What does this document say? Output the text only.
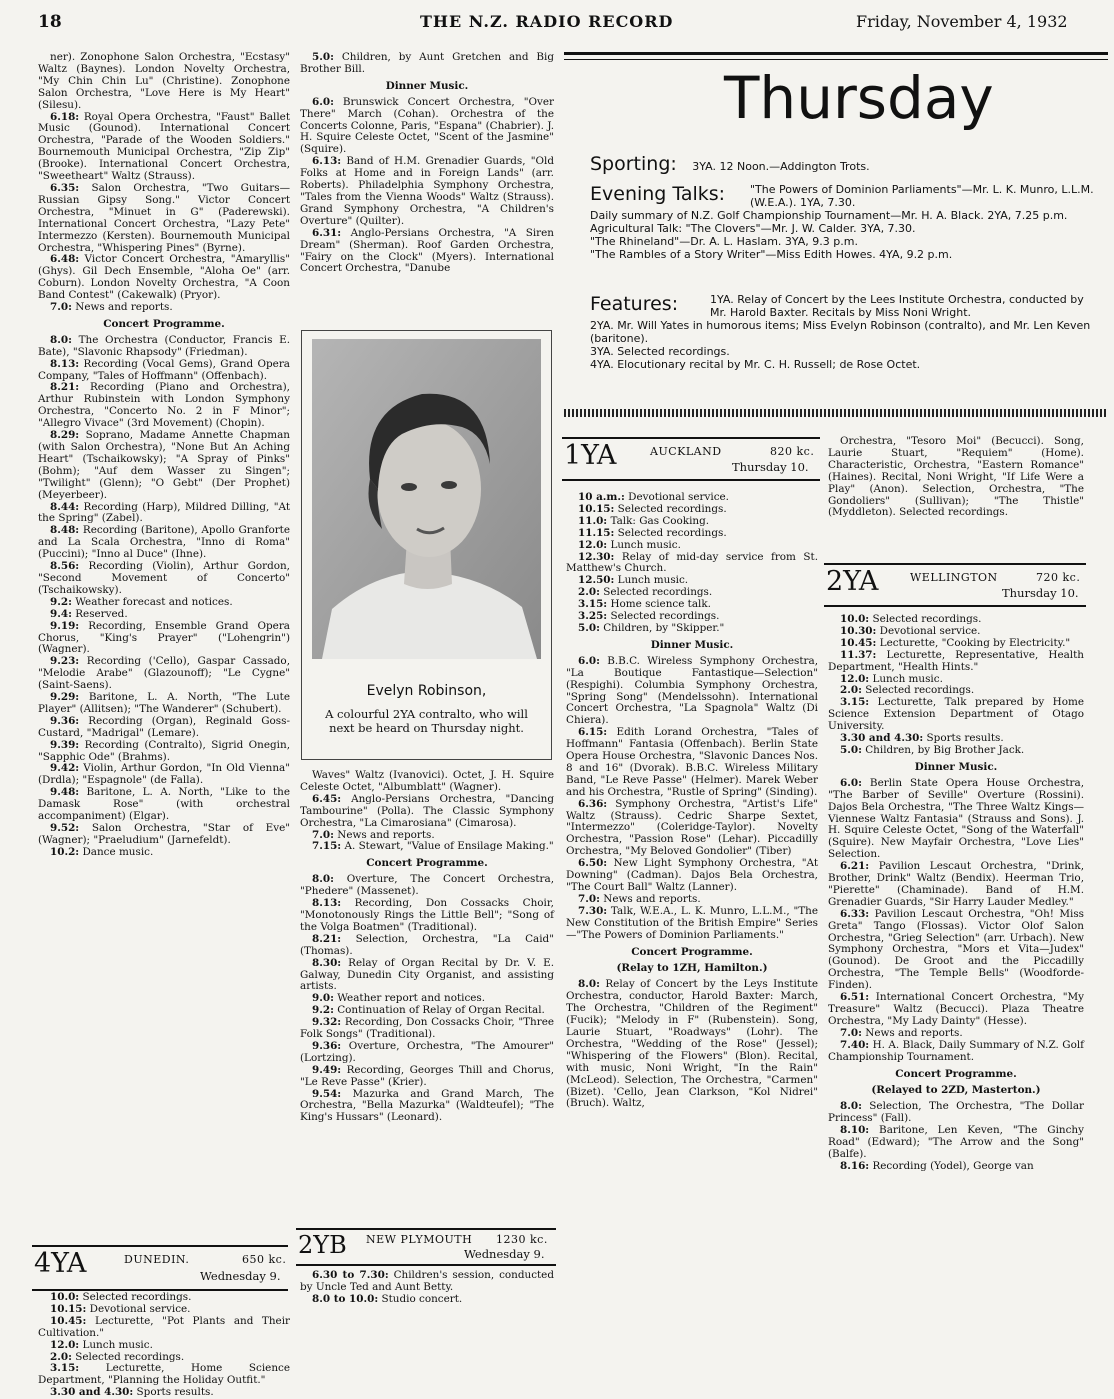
18	THE N.Z. RADIO RECORD	Friday, November 4, 1932

ner). Zonophone Salon Orchestra, "Ecstasy" Waltz (Baynes). London Novelty Orchestra, "My Chin Chin Lu" (Christine). Zonophone Salon Orchestra, "Love Here is My Heart" (Silesu).

6.18: Royal Opera Orchestra, "Faust" Ballet Music (Gounod). International Concert Orchestra, "Parade of the Wooden Soldiers." Bournemouth Municipal Orchestra, "Zip Zip" (Brooke). International Concert Orchestra, "Sweetheart" Waltz (Strauss).

6.35: Salon Orchestra, "Two Guitars—Russian Gipsy Song." Victor Concert Orchestra, "Minuet in G" (Paderewski). International Concert Orchestra, "Lazy Pete" Intermezzo (Kersten). Bournemouth Municipal Orchestra, "Whispering Pines" (Byrne).

6.48: Victor Concert Orchestra, "Amaryllis" (Ghys). Gil Dech Ensemble, "Aloha Oe" (arr. Coburn). London Novelty Orchestra, "A Coon Band Contest" (Cakewalk) (Pryor).

7.0: News and reports.

Concert Programme.

8.0: The Orchestra (Conductor, Francis E. Bate), "Slavonic Rhapsody" (Friedman).

8.13: Recording (Vocal Gems), Grand Opera Company, "Tales of Hoffmann" (Offenbach).

8.21: Recording (Piano and Orchestra), Arthur Rubinstein with London Symphony Orchestra, "Concerto No. 2 in F Minor"; "Allegro Vivace" (3rd Movement) (Chopin).

8.29: Soprano, Madame Annette Chapman (with Salon Orchestra), "None But An Aching Heart" (Tschaikowsky); "A Spray of Pinks" (Bohm); "Auf dem Wasser zu Singen"; "Twilight" (Glenn); "O Gebt" (Der Prophet) (Meyerbeer).

8.44: Recording (Harp), Mildred Dilling, "At the Spring" (Zabel).

8.48: Recording (Baritone), Apollo Granforte and La Scala Orchestra, "Inno di Roma" (Puccini); "Inno al Duce" (Ihne).

8.56: Recording (Violin), Arthur Gordon, "Second Movement of Concerto" (Tschaikowsky).

9.2: Weather forecast and notices.

9.4: Reserved.

9.19: Recording, Ensemble Grand Opera Chorus, "King's Prayer" ("Lohengrin") (Wagner).

9.23: Recording ('Cello), Gaspar Cassado, "Melodie Arabe" (Glazounoff); "Le Cygne" (Saint-Saens).

9.29: Baritone, L. A. North, "The Lute Player" (Allitsen); "The Wanderer" (Schubert).

9.36: Recording (Organ), Reginald Goss-Custard, "Madrigal" (Lemare).

9.39: Recording (Contralto), Sigrid Onegin, "Sapphic Ode" (Brahms).

9.42: Violin, Arthur Gordon, "In Old Vienna" (Drdla); "Espagnole" (de Falla).

9.48: Baritone, L. A. North, "Like to the Damask Rose" (with orchestral accompaniment) (Elgar).

9.52: Salon Orchestra, "Star of Eve" (Wagner); "Praeludium" (Jarnefeldt).

10.2: Dance music.

4YA	DUNEDIN.	650 kc.
Wednesday 9.

10.0: Selected recordings.

10.15: Devotional service.

10.45: Lecturette, "Pot Plants and Their Cultivation."

12.0: Lunch music.

2.0: Selected recordings.

3.15: Lecturette, Home Science Department, "Planning the Holiday Outfit."

3.30 and 4.30: Sports results.

5.0: Children, by Aunt Gretchen and Big Brother Bill.

Dinner Music.

6.0: Brunswick Concert Orchestra, "Over There" March (Cohan). Orchestra of the Concerts Colonne, Paris, "Espana" (Chabrier). J. H. Squire Celeste Octet, "Scent of the Jasmine" (Squire).

6.13: Band of H.M. Grenadier Guards, "Old Folks at Home and in Foreign Lands" (arr. Roberts). Philadelphia Symphony Orchestra, "Tales from the Vienna Woods" Waltz (Strauss). Grand Symphony Orchestra, "A Children's Overture" (Quilter).

6.31: Anglo-Persians Orchestra, "A Siren Dream" (Sherman). Roof Garden Orchestra, "Fairy on the Clock" (Myers). International Concert Orchestra, "Danube

Evelyn Robinson,
A colourful 2YA contralto, who will next be heard on Thursday night.

Waves" Waltz (Ivanovici). Octet, J. H. Squire Celeste Octet, "Albumblatt" (Wagner).

6.45: Anglo-Persians Orchestra, "Dancing Tambourine" (Polla). The Classic Symphony Orchestra, "La Cimarosiana" (Cimarosa).

7.0: News and reports.

7.15: A. Stewart, "Value of Ensilage Making."

Concert Programme.

8.0: Overture, The Concert Orchestra, "Phedere" (Massenet).

8.13: Recording, Don Cossacks Choir, "Monotonously Rings the Little Bell"; "Song of the Volga Boatmen" (Traditional).

8.21: Selection, Orchestra, "La Caid" (Thomas).

8.30: Relay of Organ Recital by Dr. V. E. Galway, Dunedin City Organist, and assisting artists.

9.0: Weather report and notices.

9.2: Continuation of Relay of Organ Recital.

9.32: Recording, Don Cossacks Choir, "Three Folk Songs" (Traditional).

9.36: Overture, Orchestra, "The Amourer" (Lortzing).

9.49: Recording, Georges Thill and Chorus, "Le Reve Passe" (Krier).

9.54: Mazurka and Grand March, The Orchestra, "Bella Mazurka" (Waldteufel); "The King's Hussars" (Leonard).

2YB NEW PLYMOUTH 1230 kc.
Wednesday 9.

6.30 to 7.30: Children's session, conducted by Uncle Ted and Aunt Betty.

8.0 to 10.0: Studio concert.

Thursday
Sporting: 3YA. 12 Noon.—Addington Trots.
Evening Talks: "The Powers of Dominion Parliaments"—Mr. L. K. Munro, L.L.M. (W.E.A.). 1YA, 7.30.
Daily summary of N.Z. Golf Championship Tournament—Mr. H. A. Black. 2YA, 7.25 p.m.
Agricultural Talk: "The Clovers"—Mr. J. W. Calder. 3YA, 7.30.
"The Rhineland"—Dr. A. L. Haslam. 3YA, 9.3 p.m.
"The Rambles of a Story Writer"—Miss Edith Howes. 4YA, 9.2 p.m.
Features:	1YA. Relay of Concert by the Lees Institute Orchestra, conducted by Mr. Harold Baxter. Recitals by Miss Noni Wright.
2YA. Mr. Will Yates in humorous items; Miss Evelyn Robinson (contralto), and Mr. Len Keven (baritone).
3YA. Selected recordings.
4YA. Elocutionary recital by Mr. C. H. Russell; de Rose Octet.
1YA	AUCKLAND	820 kc.
Thursday 10.

10 a.m.: Devotional service.

10.15: Selected recordings.

11.0: Talk: Gas Cooking.

11.15: Selected recordings.

12.0: Lunch music.

12.30: Relay of mid-day service from St. Matthew's Church.

12.50: Lunch music.

2.0: Selected recordings.

3.15: Home science talk.

3.25: Selected recordings.

5.0: Children, by "Skipper."

Dinner Music.

6.0: B.B.C. Wireless Symphony Orchestra, "La Boutique Fantastique—Selection" (Respighi). Columbia Symphony Orchestra, "Spring Song" (Mendelssohn). International Concert Orchestra, "La Spagnola" Waltz (Di Chiera).

6.15: Edith Lorand Orchestra, "Tales of Hoffmann" Fantasia (Offenbach). Berlin State Opera House Orchestra, "Slavonic Dances Nos. 8 and 16" (Dvorak). B.B.C. Wireless Military Band, "Le Reve Passe" (Helmer). Marek Weber and his Orchestra, "Rustle of Spring" (Sinding).

6.36: Symphony Orchestra, "Artist's Life" Waltz (Strauss). Cedric Sharpe Sextet, "Intermezzo" (Coleridge-Taylor). Novelty Orchestra, "Passion Rose" (Lehar). Piccadilly Orchestra, "My Beloved Gondolier" (Tiber)

6.50: New Light Symphony Orchestra, "At Downing" (Cadman). Dajos Bela Orchestra, "The Court Ball" Waltz (Lanner).

7.0: News and reports.

7.30: Talk, W.E.A., L. K. Munro, L.L.M., "The New Constitution of the British Empire" Series—"The Powers of Dominion Parliaments."

Concert Programme.

(Relay to 1ZH, Hamilton.)

8.0: Relay of Concert by the Leys Institute Orchestra, conductor, Harold Baxter: March, The Orchestra, "Children of the Regiment" (Fucik); "Melody in F" (Rubenstein). Song, Laurie Stuart, "Roadways" (Lohr). The Orchestra, "Wedding of the Rose" (Jessel); "Whispering of the Flowers" (Blon). Recital, with music, Noni Wright, "In the Rain" (McLeod). Selection, The Orchestra, "Carmen" (Bizet). 'Cello, Jean Clarkson, "Kol Nidrei" (Bruch). Waltz,

Orchestra, "Tesoro Moi" (Becucci). Song, Laurie Stuart, "Requiem" (Home). Characteristic, Orchestra, "Eastern Romance" (Haines). Recital, Noni Wright, "If Life Were a Play" (Anon). Selection, Orchestra, "The Gondoliers" (Sullivan); "The Thistle" (Myddleton). Selected recordings.

2YA	WELLINGTON	720 kc.
Thursday 10.

10.0: Selected recordings.

10.30: Devotional service.

10.45: Lecturette, "Cooking by Electricity."

11.37: Lecturette, Representative, Health Department, "Health Hints."

12.0: Lunch music.

2.0: Selected recordings.

3.15: Lecturette, Talk prepared by Home Science Extension Department of Otago University.

3.30 and 4.30: Sports results.

5.0: Children, by Big Brother Jack.

Dinner Music.

6.0: Berlin State Opera House Orchestra, "The Barber of Seville" Overture (Rossini). Dajos Bela Orchestra, "The Three Waltz Kings—Viennese Waltz Fantasia" (Strauss and Sons). J. H. Squire Celeste Octet, "Song of the Waterfall" (Squire). New Mayfair Orchestra, "Love Lies" Selection.

6.21: Pavilion Lescaut Orchestra, "Drink, Brother, Drink" Waltz (Bendix). Heerman Trio, "Pierette" (Chaminade). Band of H.M. Grenadier Guards, "Sir Harry Lauder Medley."

6.33: Pavilion Lescaut Orchestra, "Oh! Miss Greta" Tango (Flossas). Victor Olof Salon Orchestra, "Grieg Selection" (arr. Urbach). New Symphony Orchestra, "Mors et Vita—Judex" (Gounod). De Groot and the Piccadilly Orchestra, "The Temple Bells" (Woodforde-Finden).

6.51: International Concert Orchestra, "My Treasure" Waltz (Becucci). Plaza Theatre Orchestra, "My Lady Dainty" (Hesse).

7.0: News and reports.

7.40: H. A. Black, Daily Summary of N.Z. Golf Championship Tournament.

Concert Programme.

(Relayed to 2ZD, Masterton.)

8.0: Selection, The Orchestra, "The Dollar Princess" (Fall).

8.10: Baritone, Len Keven, "The Ginchy Road" (Edward); "The Arrow and the Song" (Balfe).

8.16: Recording (Yodel), George van
